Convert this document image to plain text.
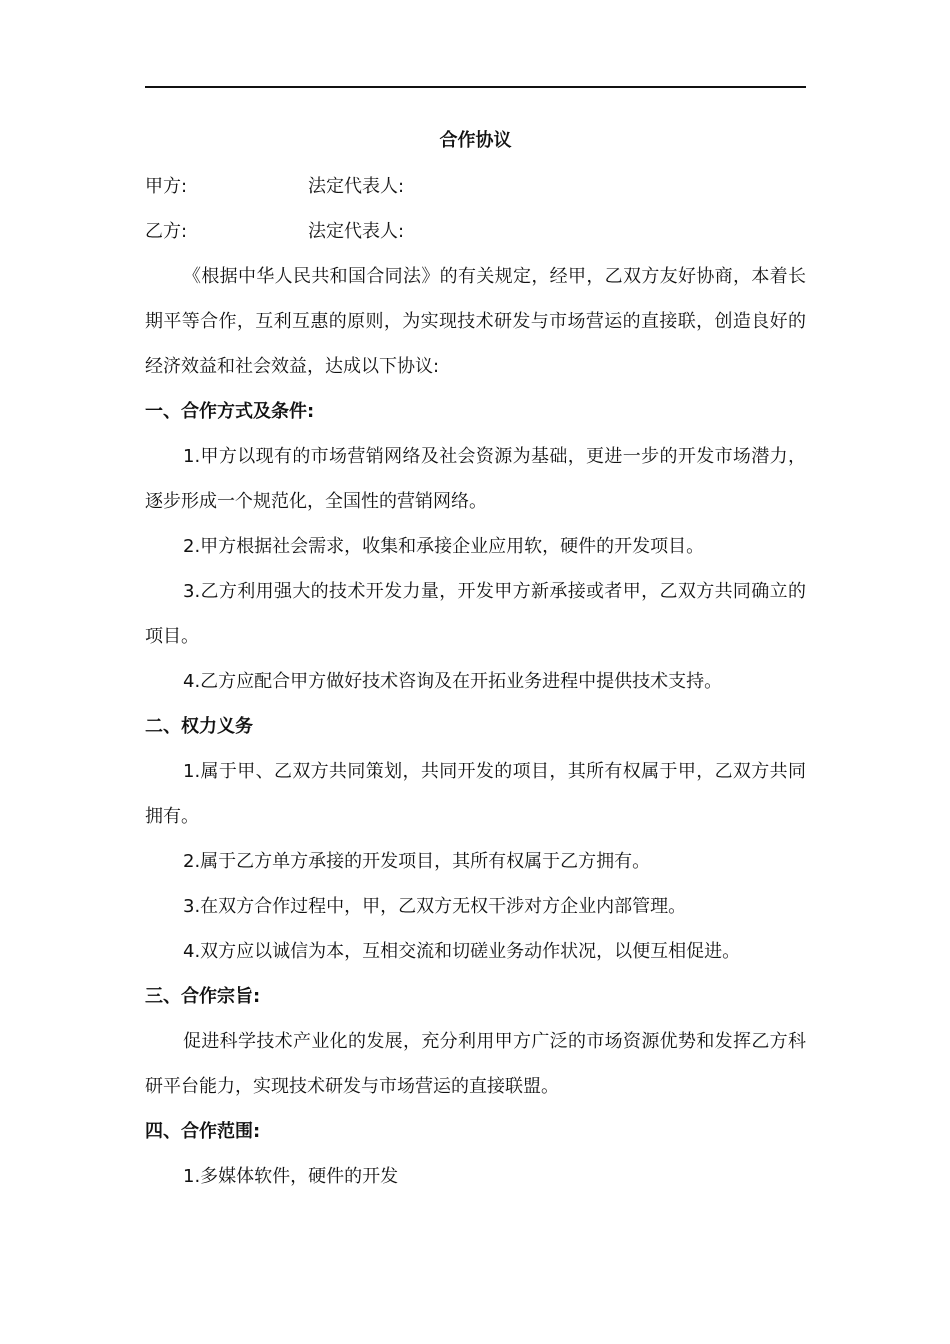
合作协议
甲方:	法定代表人:
乙方:	法定代表人:

《根据中华人民共和国合同法》的有关规定，经甲，乙双方友好协商，本着长期平等合作，互利互惠的原则，为实现技术研发与市场营运的直接联，创造良好的经济效益和社会效益，达成以下协议:

一、合作方式及条件:

1.甲方以现有的市场营销网络及社会资源为基础，更进一步的开发市场潜力，逐步形成一个规范化，全国性的营销网络。

2.甲方根据社会需求，收集和承接企业应用软，硬件的开发项目。

3.乙方利用强大的技术开发力量，开发甲方新承接或者甲，乙双方共同确立的项目。

4.乙方应配合甲方做好技术咨询及在开拓业务进程中提供技术支持。

二、权力义务

1.属于甲、乙双方共同策划，共同开发的项目，其所有权属于甲，乙双方共同拥有。

2.属于乙方单方承接的开发项目，其所有权属于乙方拥有。

3.在双方合作过程中，甲，乙双方无权干涉对方企业内部管理。

4.双方应以诚信为本，互相交流和切磋业务动作状况，以便互相促进。

三、合作宗旨:

促进科学技术产业化的发展，充分利用甲方广泛的市场资源优势和发挥乙方科研平台能力，实现技术研发与市场营运的直接联盟。

四、合作范围:

1.多媒体软件，硬件的开发
